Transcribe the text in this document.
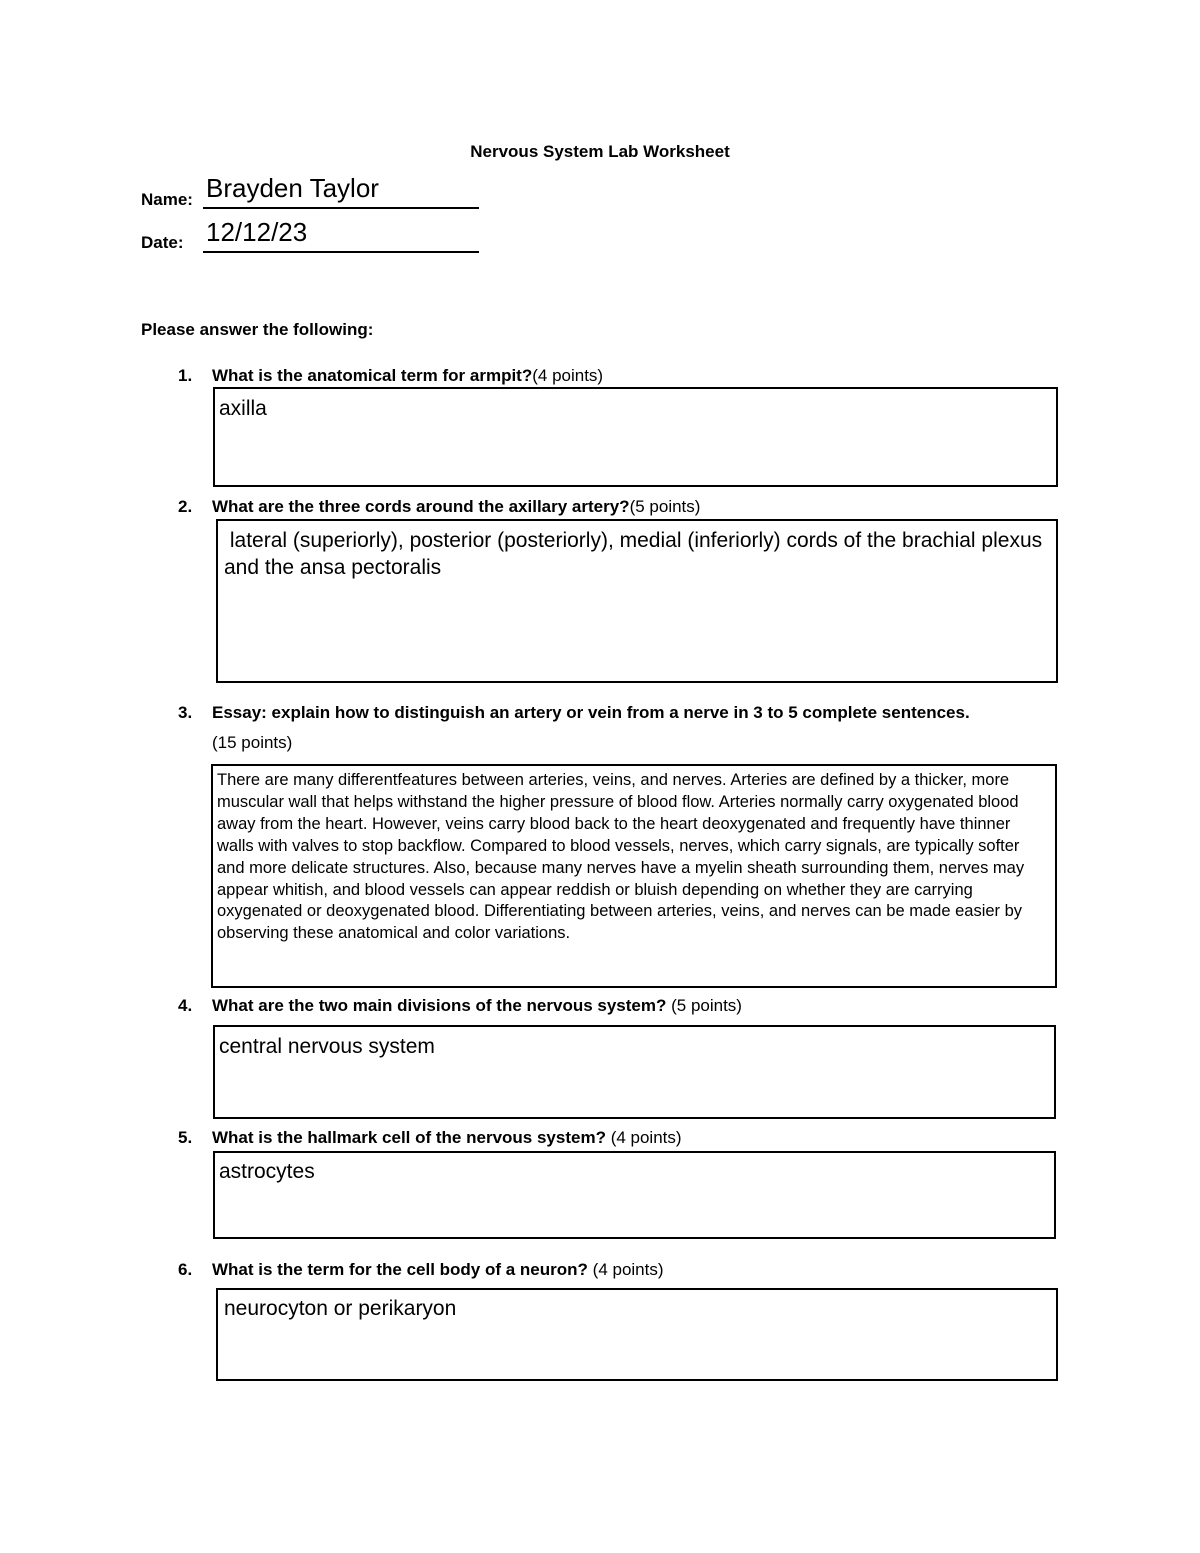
Nervous System Lab Worksheet
Name: Brayden Taylor
Date: 12/12/23
Please answer the following:
1. What is the anatomical term for armpit?(4 points)
axilla
2. What are the three cords around the axillary artery?(5 points)
lateral (superiorly), posterior (posteriorly), medial (inferiorly) cords of the brachial plexus and the ansa pectoralis
3. Essay: explain how to distinguish an artery or vein from a nerve in 3 to 5 complete sentences.
(15 points)
There are many differentfeatures between arteries, veins, and nerves. Arteries are defined by a thicker, more muscular wall that helps withstand the higher pressure of blood flow. Arteries normally carry oxygenated blood away from the heart. However, veins carry blood back to the heart deoxygenated and frequently have thinner walls with valves to stop backflow. Compared to blood vessels, nerves, which carry signals, are typically softer and more delicate structures. Also, because many nerves have a myelin sheath surrounding them, nerves may appear whitish, and blood vessels can appear reddish or bluish depending on whether they are carrying oxygenated or deoxygenated blood. Differentiating between arteries, veins, and nerves can be made easier by observing these anatomical and color variations.
4. What are the two main divisions of the nervous system? (5 points)
central nervous system
5. What is the hallmark cell of the nervous system? (4 points)
astrocytes
6. What is the term for the cell body of a neuron? (4 points)
neurocyton or perikaryon
